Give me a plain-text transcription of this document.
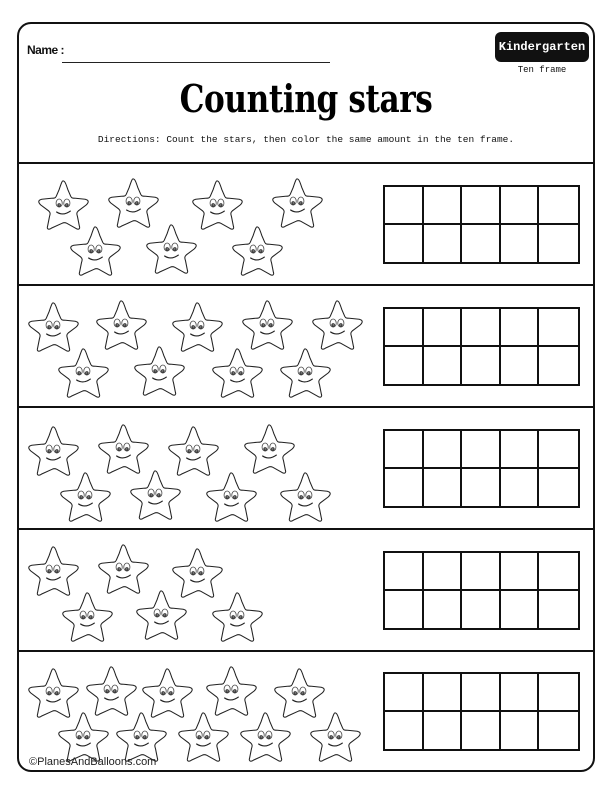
Name :	Kindergarten
Ten frame
Counting stars
Directions: Count the stars, then color the same amount in the ten frame.
©PlanesAndBalloons.com
